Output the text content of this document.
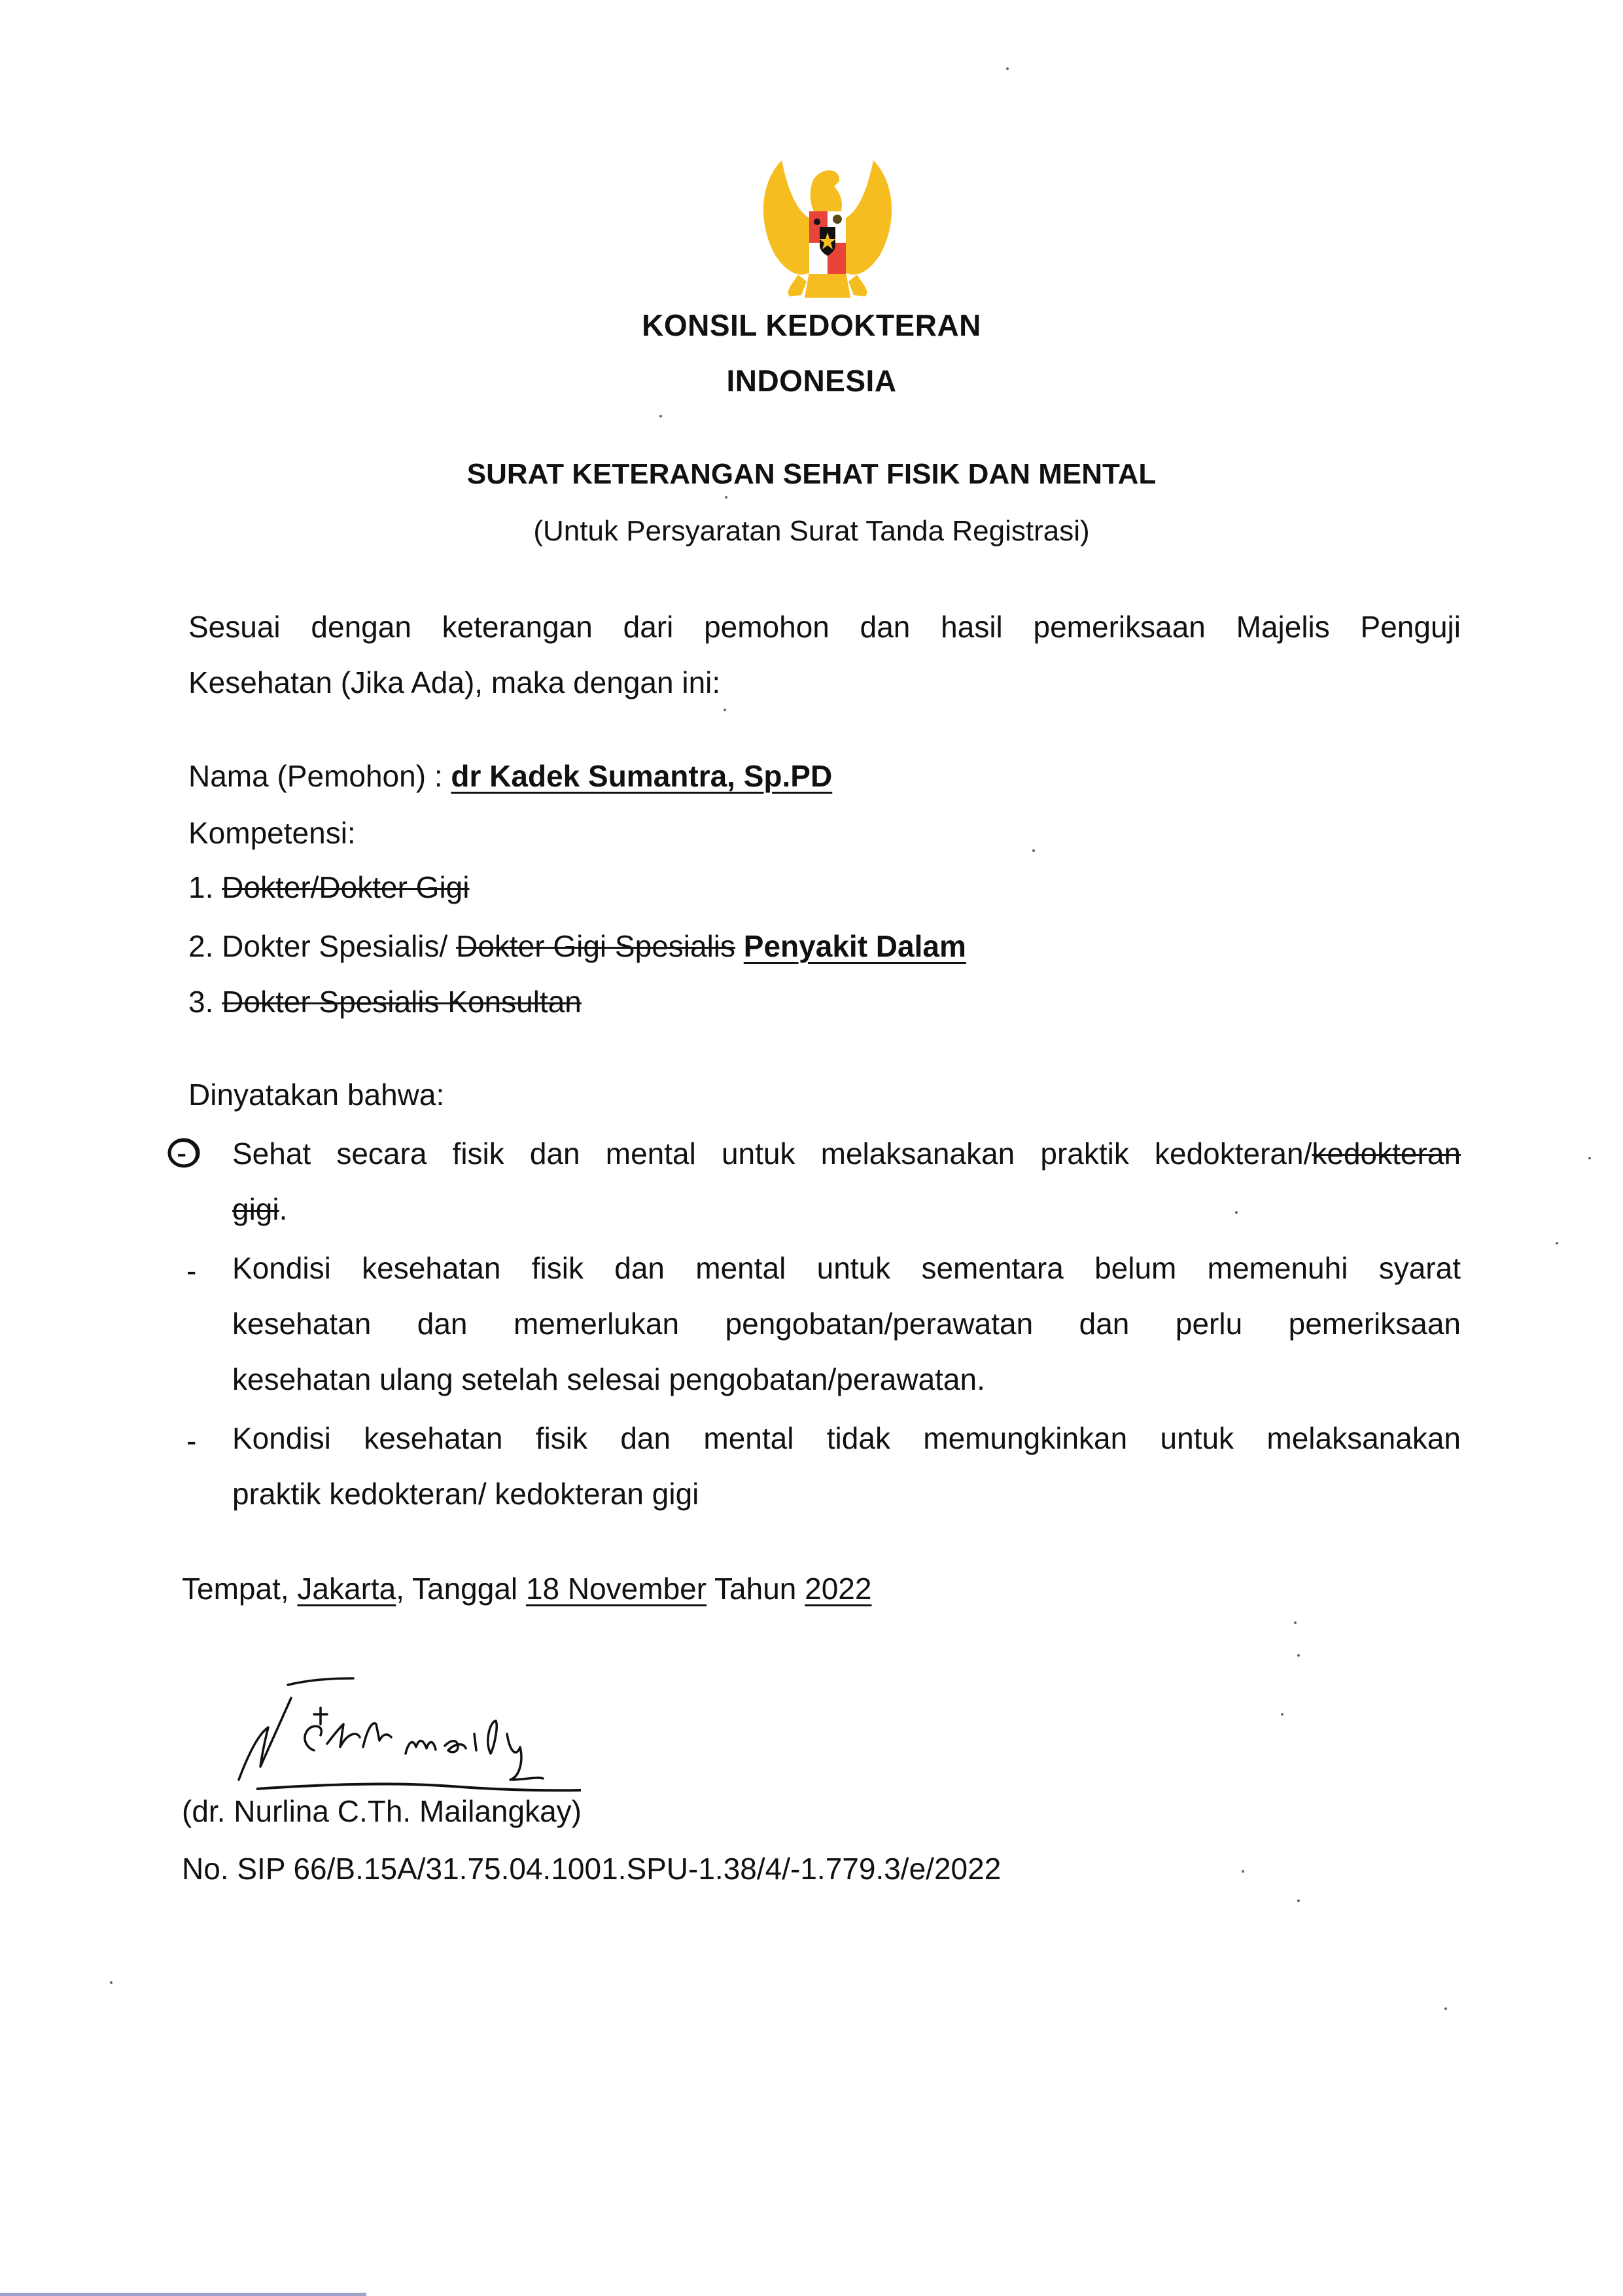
KONSIL KEDOKTERAN
INDONESIA
SURAT KETERANGAN SEHAT FISIK DAN MENTAL
(Untuk Persyaratan Surat Tanda Registrasi)
Sesuai dengan keterangan dari pemohon dan hasil pemeriksaan Majelis Penguji
Kesehatan (Jika Ada), maka dengan ini:
Nama (Pemohon) : dr Kadek Sumantra, Sp.PD
Kompetensi:
1. Dokter/Dokter Gigi
2. Dokter Spesialis/ Dokter Gigi Spesialis Penyakit Dalam
3. Dokter Spesialis Konsultan
Dinyatakan bahwa:
- Sehat secara fisik dan mental untuk melaksanakan praktik kedokteran/kedokteran
gigi.
- Kondisi kesehatan fisik dan mental untuk sementara belum memenuhi syarat
kesehatan dan memerlukan pengobatan/perawatan dan perlu pemeriksaan
kesehatan ulang setelah selesai pengobatan/perawatan.
- Kondisi kesehatan fisik dan mental tidak memungkinkan untuk melaksanakan
praktik kedokteran/ kedokteran gigi
Tempat, Jakarta, Tanggal 18 November Tahun 2022
(dr. Nurlina C.Th. Mailangkay)
No. SIP 66/B.15A/31.75.04.1001.SPU-1.38/4/-1.779.3/e/2022
